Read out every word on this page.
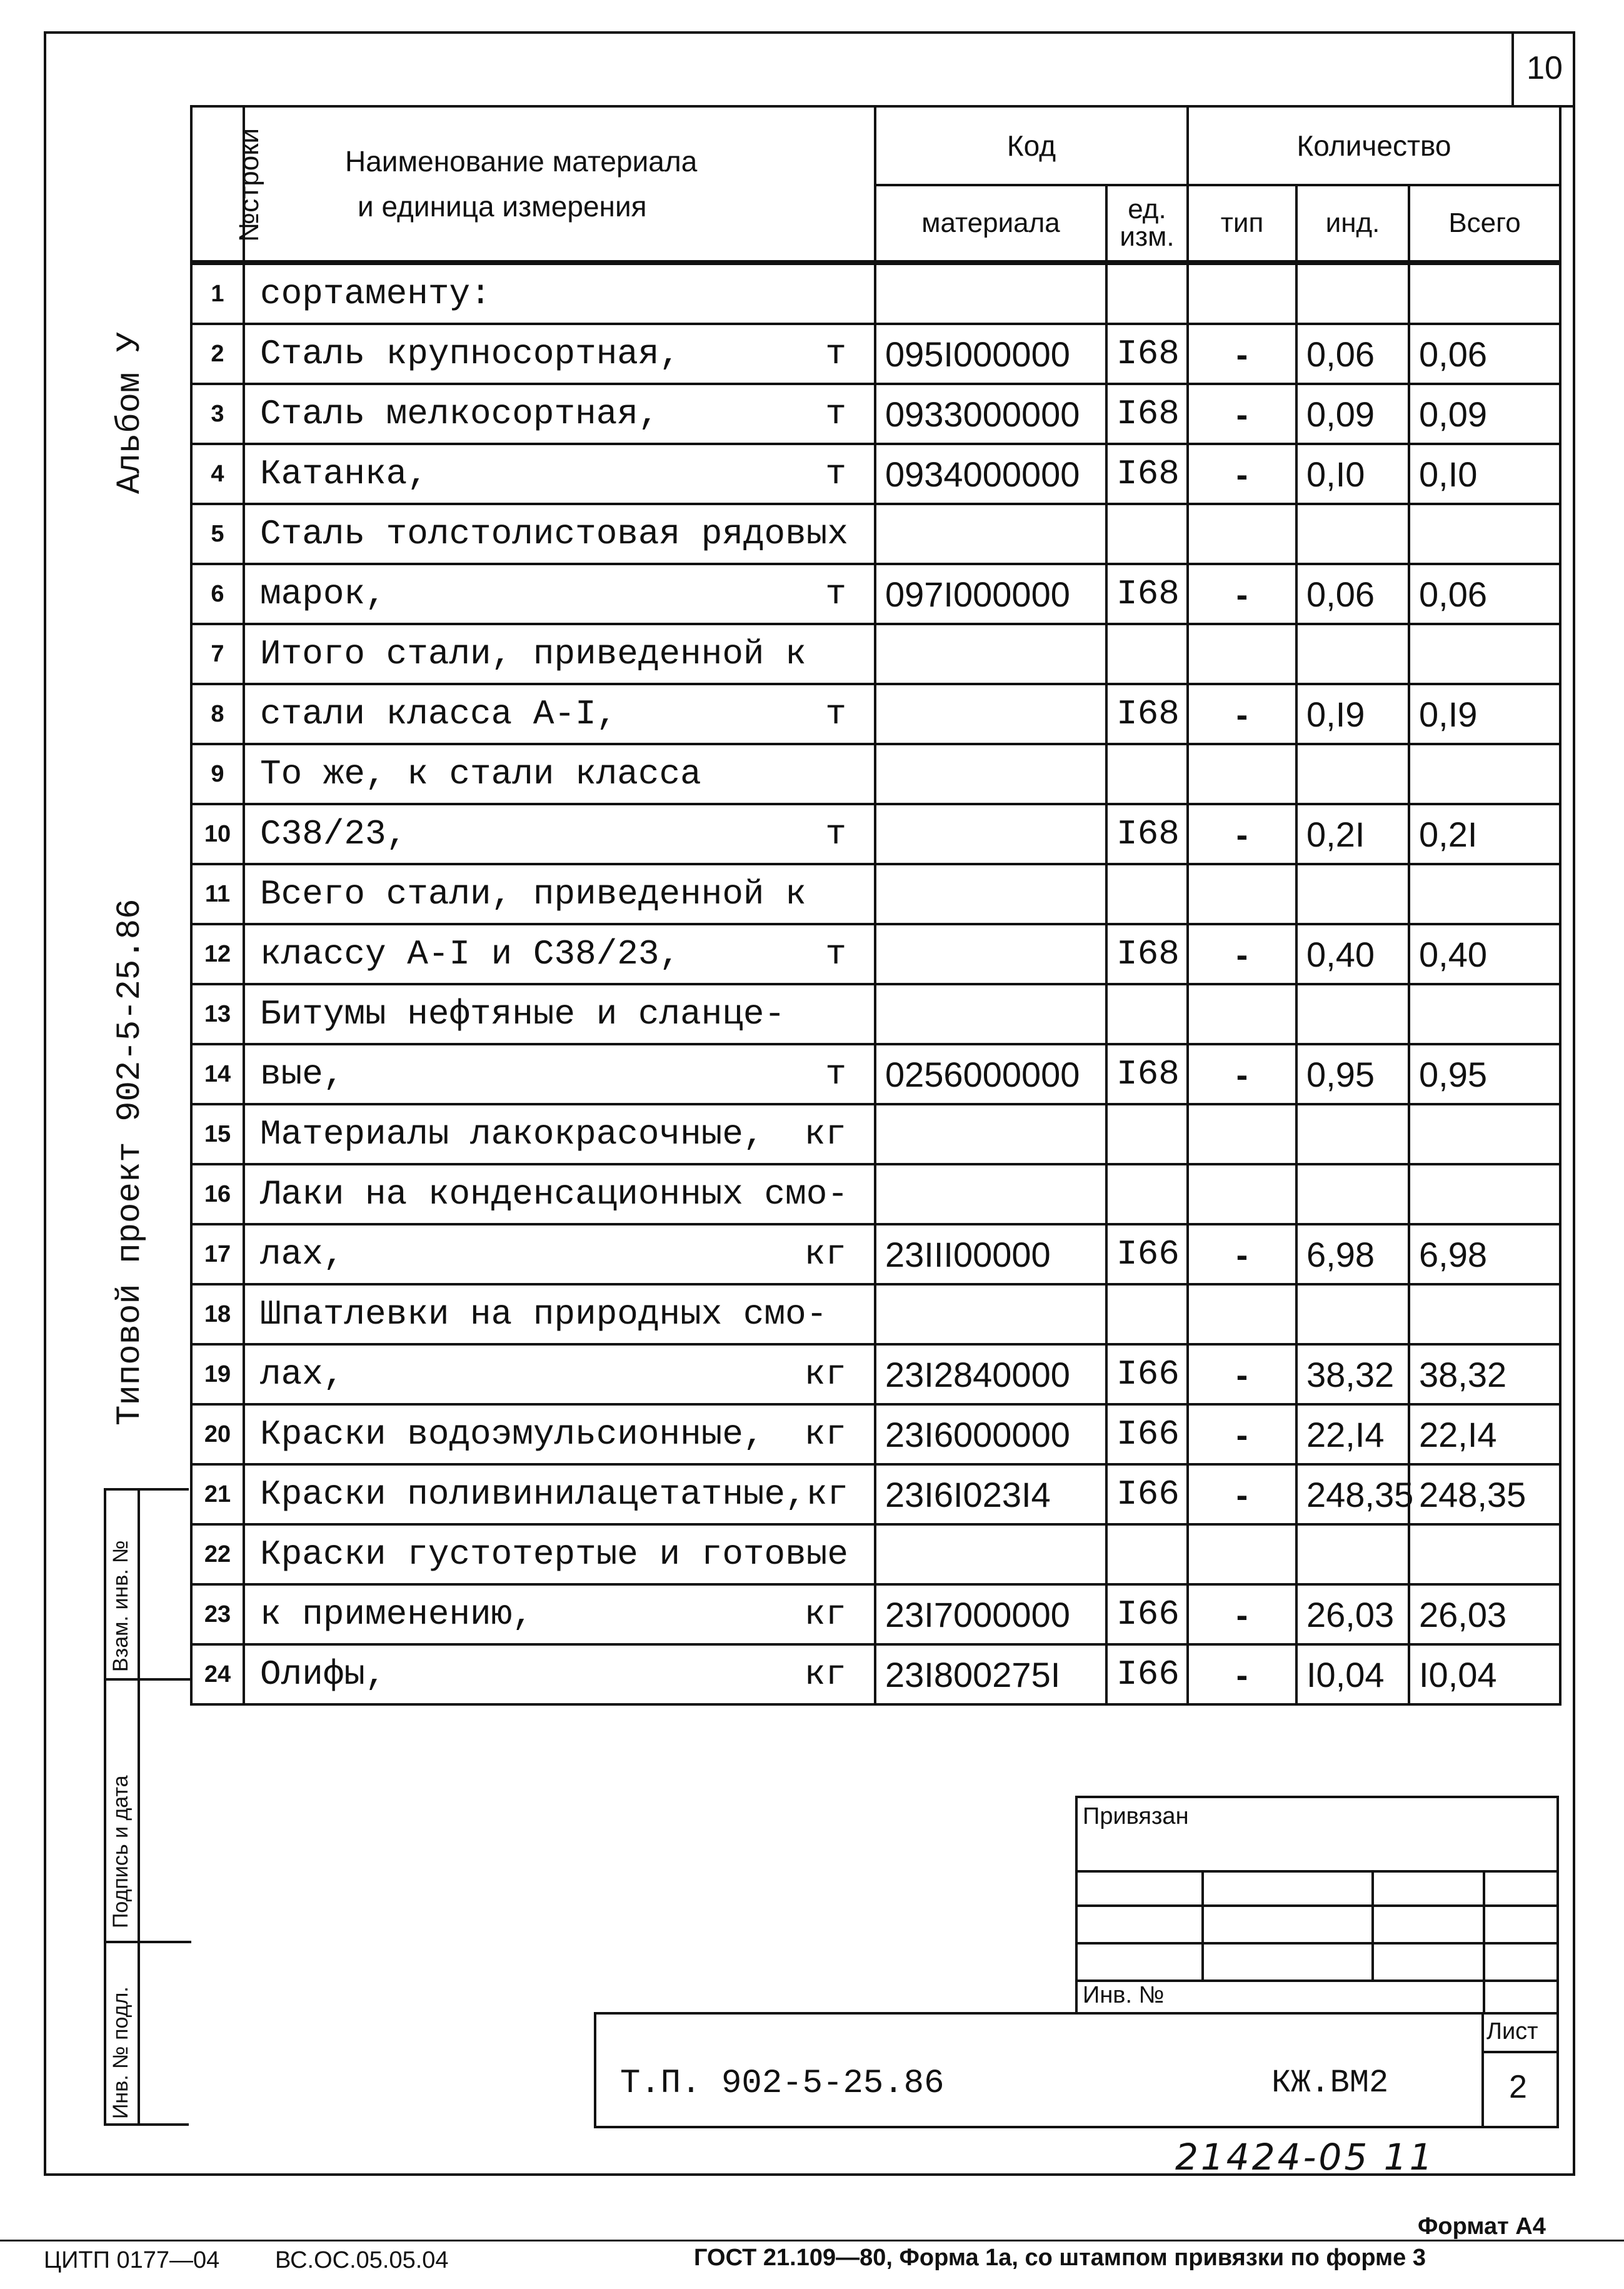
10
Альбом У
Типовой проект 902-5-25.86
Взам. инв. №
Подпись и дата
Инв. № подл.
№строки	Наименование материала
и единица измерения	Код		Количество		
		материала	ед. изм.	тип	инд.	Всего
1	сортаменту:					

2	Сталь крупносортная, т	095I000000	I68	-	0,06	0,06
3	Сталь мелкосортная, т	0933000000	I68	-	0,09	0,09
4	Катанка, т	0934000000	I68	-	0,I0	0,I0
5	Сталь толстолистовая рядовых					

6	марок, т	097I000000	I68	-	0,06	0,06
7	Итого стали, приведенной к					

8	стали класса А-I, т		I68	-	0,I9	0,I9
9	То же, к стали класса					

10	С38/23, т		I68	-	0,2I	0,2I
11	Всего стали, приведенной к					

12	классу А-I и С38/23, т		I68	-	0,40	0,40
13	Битумы нефтяные и сланце-					

14	вые, т	0256000000	I68	-	0,95	0,95
15	Материалы лакокрасочные, кг					

16	Лаки на конденсационных смо-					

17	лах, кг	23III00000	I66	-	6,98	6,98
18	Шпатлевки на природных смо-					

19	лах, кг	23I2840000	I66	-	38,32	38,32
20	Краски водоэмульсионные, кг	23I6000000	I66	-	22,I4	22,I4
21	Краски поливинилацетатные, кг	23I6I023I4	I66	-	248,35	248,35
22	Краски густотертые и готовые					

23	к применению, кг	23I7000000	I66	-	26,03	26,03
24	Олифы, кг	23I800275I	I66	-	I0,04	I0,04
Привязан
Инв. №
Т.П. 902-5-25.86	КЖ.ВМ2
Лист
2
21424-05 11
Формат А4
ЦИТП 0177—04 ВС.ОС.05.05.04	ГОСТ 21.109—80, Форма 1а, со штампом привязки по форме 3
